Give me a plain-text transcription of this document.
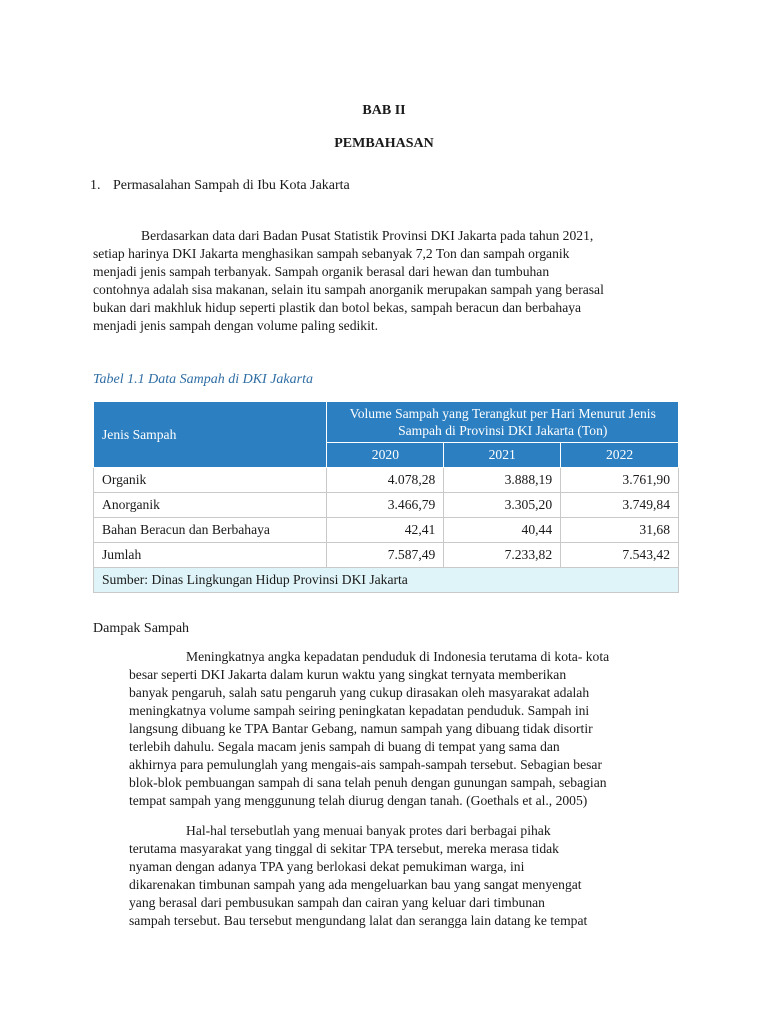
BAB II
PEMBAHASAN
1. Permasalahan Sampah di Ibu Kota Jakarta
Berdasarkan data dari Badan Pusat Statistik Provinsi DKI Jakarta pada tahun 2021,
setiap harinya DKI Jakarta menghasikan sampah sebanyak 7,2 Ton dan sampah organik
menjadi jenis sampah terbanyak. Sampah organik berasal dari hewan dan tumbuhan
contohnya adalah sisa makanan, selain itu sampah anorganik merupakan sampah yang berasal
bukan dari makhluk hidup seperti plastik dan botol bekas, sampah beracun dan berbahaya
menjadi jenis sampah dengan volume paling sedikit.
Tabel 1.1 Data Sampah di DKI Jakarta
Jenis Sampah	Volume Sampah yang Terangkut per Hari Menurut Jenis Sampah di Provinsi DKI Jakarta (Ton)		
	2020	2021	2022
Organik	4.078,28	3.888,19	3.761,90
Anorganik	3.466,79	3.305,20	3.749,84
Bahan Beracun dan Berbahaya	42,41	40,44	31,68
Jumlah	7.587,49	7.233,82	7.543,42
Sumber: Dinas Lingkungan Hidup Provinsi DKI Jakarta			
Dampak Sampah
Meningkatnya angka kepadatan penduduk di Indonesia terutama di kota- kota
besar seperti DKI Jakarta dalam kurun waktu yang singkat ternyata memberikan
banyak pengaruh, salah satu pengaruh yang cukup dirasakan oleh masyarakat adalah
meningkatnya volume sampah seiring peningkatan kepadatan penduduk. Sampah ini
langsung dibuang ke TPA Bantar Gebang, namun sampah yang dibuang tidak disortir
terlebih dahulu. Segala macam jenis sampah di buang di tempat yang sama dan
akhirnya para pemulunglah yang mengais-ais sampah-sampah tersebut. Sebagian besar
blok-blok pembuangan sampah di sana telah penuh dengan gunungan sampah, sebagian
tempat sampah yang menggunung telah diurug dengan tanah. (Goethals et al., 2005)
Hal-hal tersebutlah yang menuai banyak protes dari berbagai pihak
terutama masyarakat yang tinggal di sekitar TPA tersebut, mereka merasa tidak
nyaman dengan adanya TPA yang berlokasi dekat pemukiman warga, ini
dikarenakan timbunan sampah yang ada mengeluarkan bau yang sangat menyengat
yang berasal dari pembusukan sampah dan cairan yang keluar dari timbunan
sampah tersebut. Bau tersebut mengundang lalat dan serangga lain datang ke tempat
